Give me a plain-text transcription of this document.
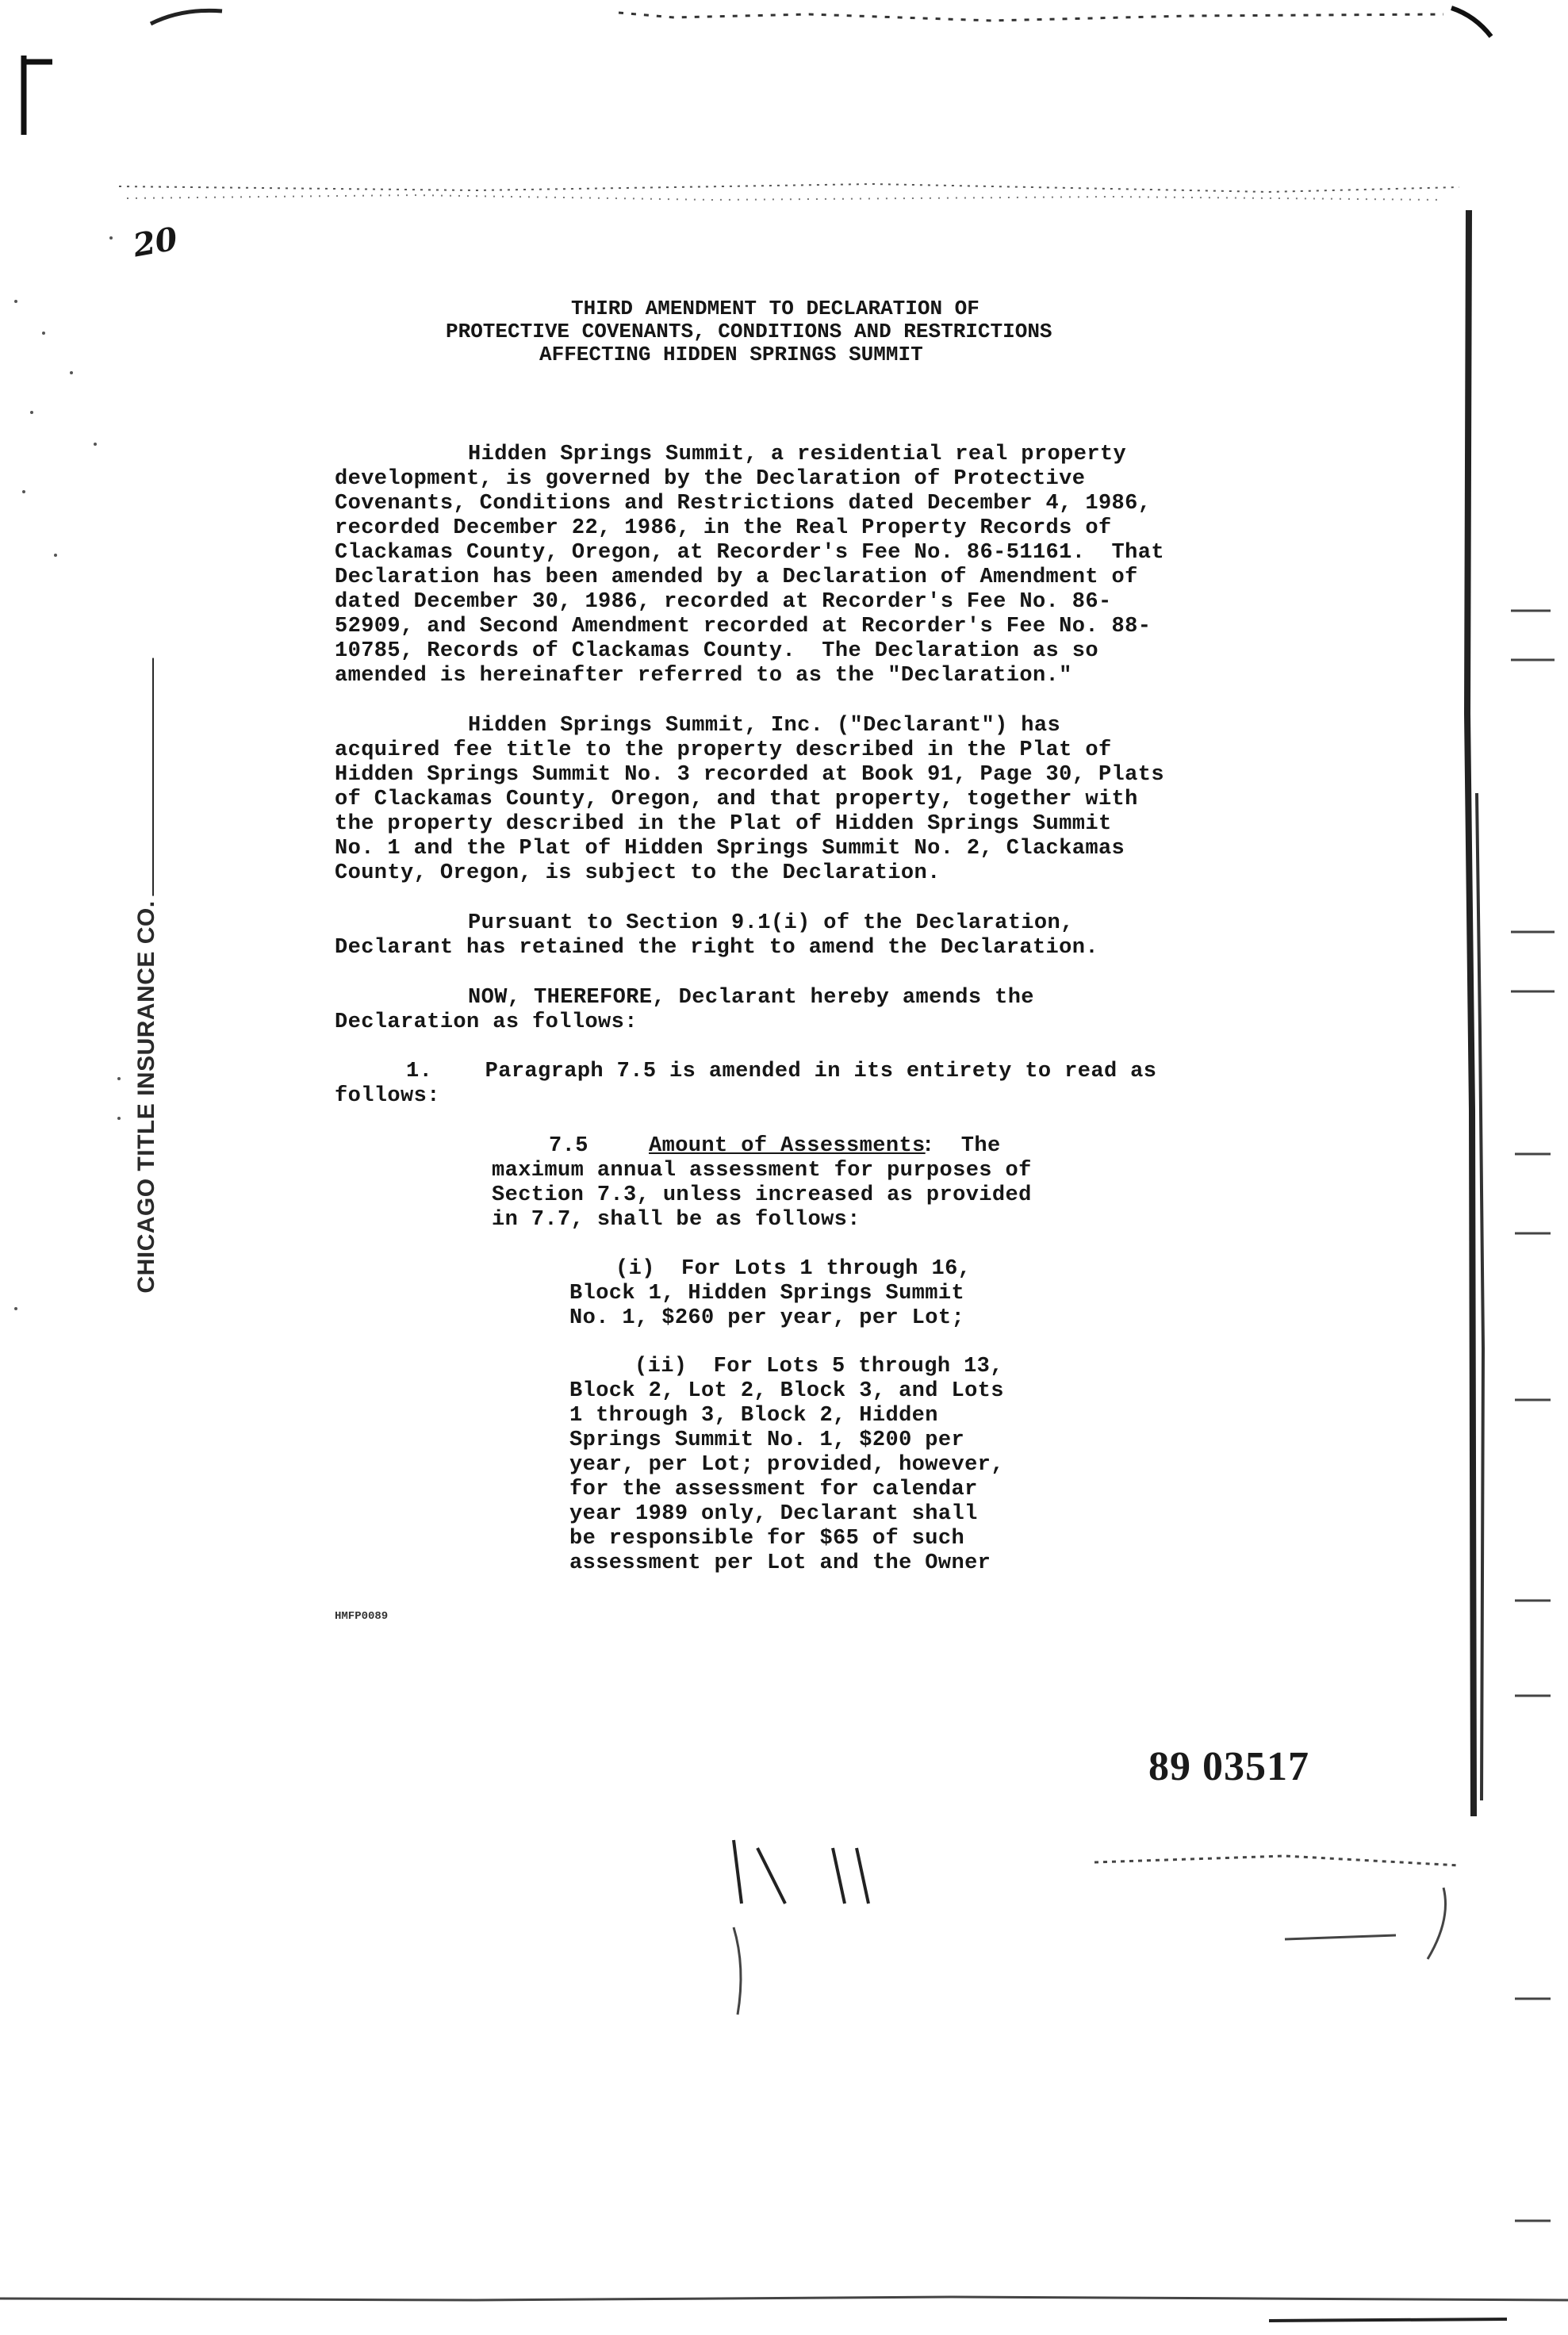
20
CHICAGO TITLE INSURANCE CO.
THIRD AMENDMENT TO DECLARATION OF
PROTECTIVE COVENANTS, CONDITIONS AND RESTRICTIONS
AFFECTING HIDDEN SPRINGS SUMMIT
Hidden Springs Summit, a residential real property
development, is governed by the Declaration of Protective
Covenants, Conditions and Restrictions dated December 4, 1986,
recorded December 22, 1986, in the Real Property Records of
Clackamas County, Oregon, at Recorder's Fee No. 86-51161.  That
Declaration has been amended by a Declaration of Amendment of
dated December 30, 1986, recorded at Recorder's Fee No. 86-
52909, and Second Amendment recorded at Recorder's Fee No. 88-
10785, Records of Clackamas County.  The Declaration as so
amended is hereinafter referred to as the "Declaration."
Hidden Springs Summit, Inc. ("Declarant") has
acquired fee title to the property described in the Plat of
Hidden Springs Summit No. 3 recorded at Book 91, Page 30, Plats
of Clackamas County, Oregon, and that property, together with
the property described in the Plat of Hidden Springs Summit
No. 1 and the Plat of Hidden Springs Summit No. 2, Clackamas
County, Oregon, is subject to the Declaration.
Pursuant to Section 9.1(i) of the Declaration,
Declarant has retained the right to amend the Declaration.
NOW, THEREFORE, Declarant hereby amends the
Declaration as follows:
1.    Paragraph 7.5 is amended in its entirety to read as
follows:
7.5	Amount of Assessments
:  The
maximum annual assessment for purposes of
Section 7.3, unless increased as provided
in 7.7, shall be as follows:
(i)  For Lots 1 through 16,
Block 1, Hidden Springs Summit
No. 1, $260 per year, per Lot;
(ii)  For Lots 5 through 13,
Block 2, Lot 2, Block 3, and Lots
1 through 3, Block 2, Hidden
Springs Summit No. 1, $200 per
year, per Lot; provided, however,
for the assessment for calendar
year 1989 only, Declarant shall
be responsible for $65 of such
assessment per Lot and the Owner
HMFP0089
89 03517
